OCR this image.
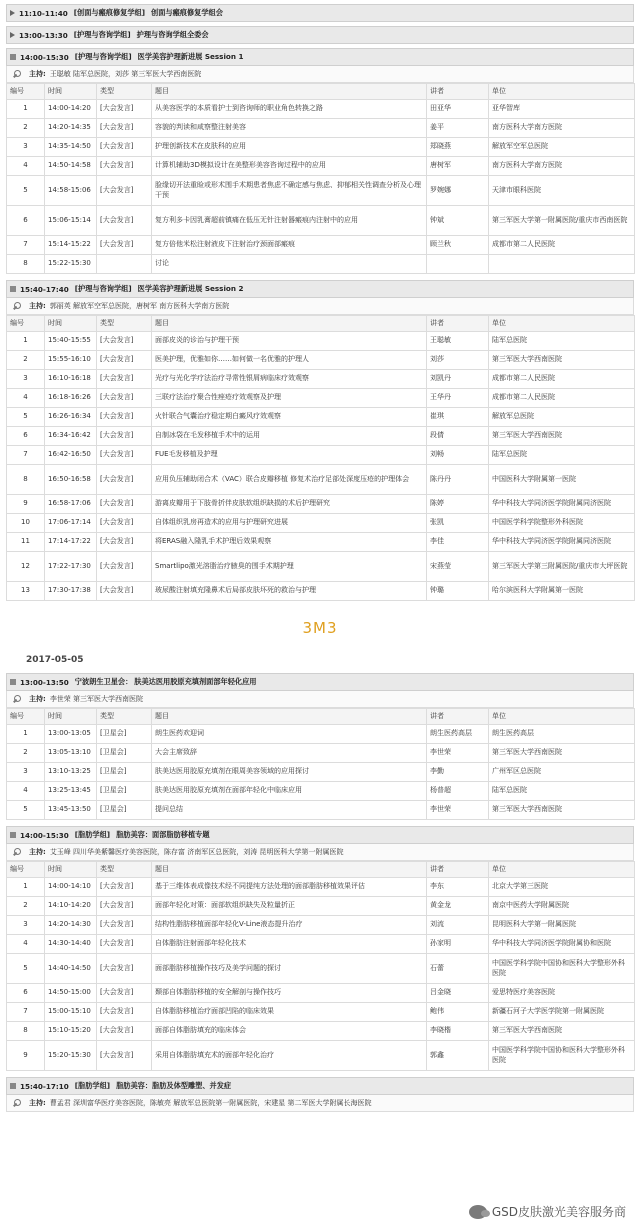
11:10-11:40 [创面与瘢痕修复学组] 创面与瘢痕修复学组会
13:00-13:30 [护理与咨询学组] 护理与咨询学组全委会
14:00-15:30 [护理与咨询学组] 医学美容护理新进展 Session 1
主持: 王聪敏 陆军总医院，刘莎 第三军医大学西南医院
编号	时间	类型	题目	讲者	单位
1	14:00-14:20	[大会发言]	从美容医学的本质看护士到咨询师的职业角色转换之路	田亚华	亚华智库
2	14:20-14:35	[大会发言]	容貌的判读和咸察整注射美容	姜平	南方医科大学南方医院
3	14:35-14:50	[大会发言]	护理创新技术在皮肤科的应用	郑晓燕	解放军空军总医院
4	14:50-14:58	[大会发言]	计算机辅助3D模拟设计在美整形美容咨询过程中的应用	唐树军	南方医科大学南方医院
5	14:58-15:06	[大会发言]	脸缘切开法重睑或形术围手术期患者焦虑不确定感与焦虑、抑郁相关性调查分析及心理干预	罗婉娜	天津市眼科医院
6	15:06-15:14	[大会发言]	复方利多卡因乳膏超前镇痛在低压无针注射器瘢痕内注射中的应用	钟斌	第三军医大学第一附属医院/重庆市西南医院
7	15:14-15:22	[大会发言]	复方倍他米松注射液皮下注射治疗颈面部瘢痕	顾兰秋	成都市第二人民医院
8	15:22-15:30		讨论		
15:40-17:40 [护理与咨询学组] 医学美容护理新进展 Session 2
主持: 郭丽英 解放军空军总医院，唐树军 南方医科大学南方医院
编号	时间	类型	题目	讲者	单位
1	15:40-15:55	[大会发言]	面部皮炎的诊治与护理干预	王聪敏	陆军总医院
2	15:55-16:10	[大会发言]	医美护理，优雅如你……如何做一名优雅的护理人	刘莎	第三军医大学西南医院
3	16:10-16:18	[大会发言]	光疗与光化学疗法治疗寻常性银屑病临床疗效观察	刘凯丹	成都市第二人民医院
4	16:18-16:26	[大会发言]	三联疗法治疗聚合性痤疮疗效观察及护理	王华丹	成都市第二人民医院
5	16:26-16:34	[大会发言]	火针联合气囊治疗稳定期白癜风疗效观察	崔琪	解放军总医院
6	16:34-16:42	[大会发言]	自制冰袋在毛发移植手术中的运用	段倩	第三军医大学西南医院
7	16:42-16:50	[大会发言]	FUE毛发移植及护理	刘畅	陆军总医院
8	16:50-16:58	[大会发言]	应用负压辅助闭合术（VAC）联合皮瓣移植 修复术治疗足部处深度压疮的护理体会	陈丹丹	中国医科大学附属第一医院
9	16:58-17:06	[大会发言]	游离皮瓣用于下肢骨折伴皮肤软组织缺损的术后护理研究	陈婷	华中科技大学同济医学院附属同济医院
10	17:06-17:14	[大会发言]	自体组织乳房再造术的应用与护理研究进展	张凯	中国医学科学院整形外科医院
11	17:14-17:22	[大会发言]	将ERAS融入隆乳手术护理后效果观察	李佳	华中科技大学同济医学院附属同济医院
12	17:22-17:30	[大会发言]	Smartlipo激光溶脂治疗腋臭的围手术期护理	宋燕莹	第三军医大学第三附属医院/重庆市大坪医院
13	17:30-17:38	[大会发言]	玻尿酸注射填充隆鼻术后局部皮肤坏死的救治与护理	钟璐	哈尔滨医科大学附属第一医院
3M3
2017-05-05
13:00-13:50 宁波朗生卫星会： 肤美达医用胶原充填剂面部年轻化应用
主持: 李世荣 第三军医大学西南医院
编号	时间	类型	题目	讲者	单位
1	13:00-13:05	[卫星会]	朗生医药欢迎词	朗生医药高层	朗生医药高层
2	13:05-13:10	[卫星会]	大会主席致辞	李世荣	第三军医大学西南医院
3	13:10-13:25	[卫星会]	肤美达医用胶原充填剂在眼周美容领域的应用探讨	李勤	广州军区总医院
4	13:25-13:45	[卫星会]	肤美达医用胶原充填剂在面部年轻化中临床应用	杨普超	陆军总医院
5	13:45-13:50	[卫星会]	提问总结	李世荣	第三军医大学西南医院
14:00-15:30 [脂肪学组] 脂肪美容：面部脂肪移植专题
主持: 艾玉峰 四川华美紫馨医疗美容医院，陈存富 济南军区总医院，刘涛 昆明医科大学第一附属医院
编号	时间	类型	题目	讲者	单位
1	14:00-14:10	[大会发言]	基于三维体表成像技术经不同提纯方法处理的面部脂肪移植效果评估	李东	北京大学第三医院
2	14:10-14:20	[大会发言]	面部年轻化对策：面部软组织缺失及粒量折正	黄金龙	南京中医药大学附属医院
3	14:20-14:30	[大会发言]	结构性脂肪移植面部年轻化V-Line液态提升治疗	刘流	昆明医科大学第一附属医院
4	14:30-14:40	[大会发言]	自体脂肪注射面部年轻化技术	孙家明	华中科技大学同济医学院附属协和医院
5	14:40-14:50	[大会发言]	面部脂肪移植操作技巧及美学问题的探讨	石蕾	中国医学科学院中国协和医科大学整形外科医院
6	14:50-15:00	[大会发言]	颞部自体脂肪移植的安全解剖与操作技巧	吕金晓	爱思特医疗美容医院
7	15:00-15:10	[大会发言]	自体脂肪移植治疗面部凹陷的临床效果	鲍伟	新疆石河子大学医学院第一附属医院
8	15:10-15:20	[大会发言]	面部自体脂肪填充的临床体会	李晓楷	第三军医大学西南医院
9	15:20-15:30	[大会发言]	采用自体脂肪填充术的面部年轻化治疗	郭鑫	中国医学科学院中国协和医科大学整形外科医院
15:40-17:10 [脂肪学组] 脂肪美容：脂肪及体型雕塑、并发症
主持: 曹孟君 深圳富华医疗美容医院，陈敏亮 解放军总医院第一附属医院，宋建星 第二军医大学附属长海医院
GSD皮肤激光美容服务商
